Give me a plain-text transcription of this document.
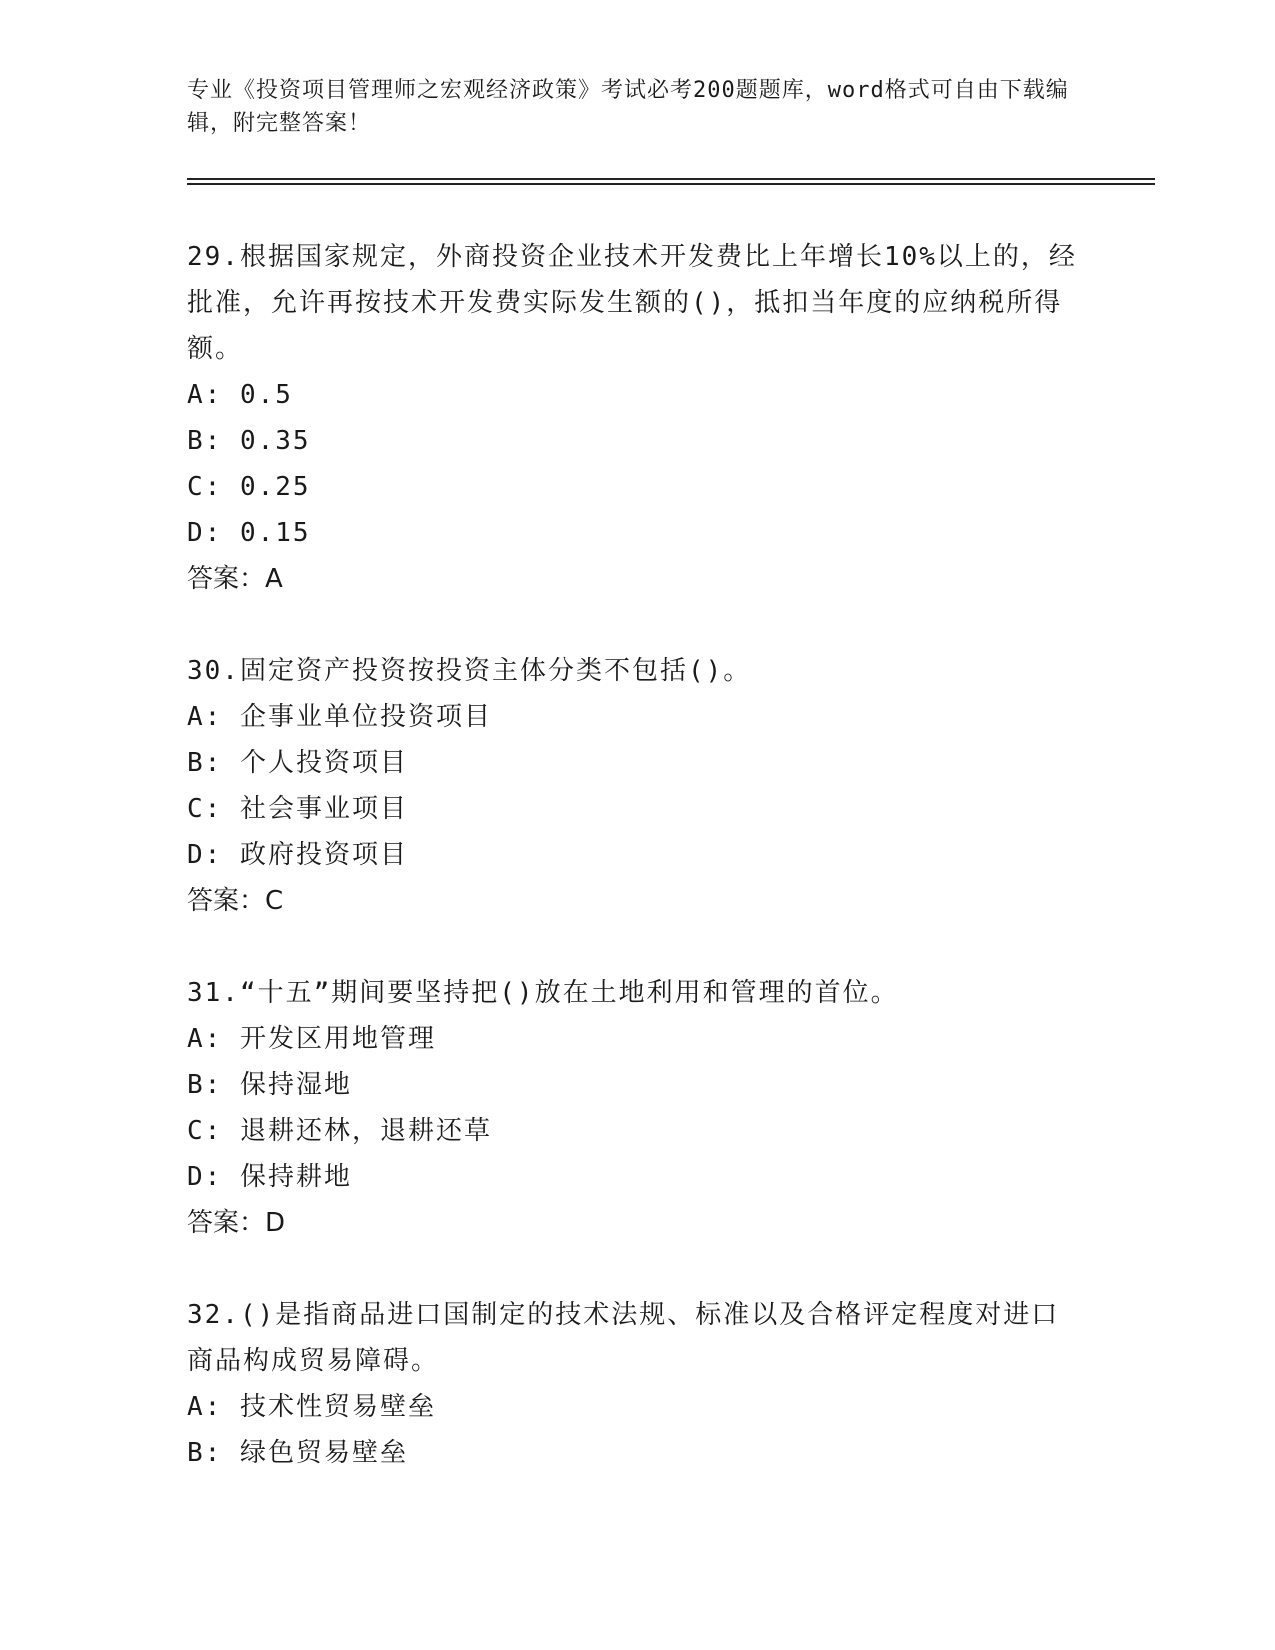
专业《投资项目管理师之宏观经济政策》考试必考200题题库，word格式可自由下载编辑，附完整答案！

29.根据国家规定，外商投资企业技术开发费比上年增长10%以上的，经批准，允许再按技术开发费实际发生额的()，抵扣当年度的应纳税所得额。

A: 0.5

B: 0.35

C: 0.25

D: 0.15

答案：A

30.固定资产投资按投资主体分类不包括()。

A: 企事业单位投资项目

B: 个人投资项目

C: 社会事业项目

D: 政府投资项目

答案：C

31.“十五”期间要坚持把()放在土地利用和管理的首位。

A: 开发区用地管理

B: 保持湿地

C: 退耕还林，退耕还草

D: 保持耕地

答案：D

32.()是指商品进口国制定的技术法规、标准以及合格评定程度对进口商品构成贸易障碍。

A: 技术性贸易壁垒

B: 绿色贸易壁垒
